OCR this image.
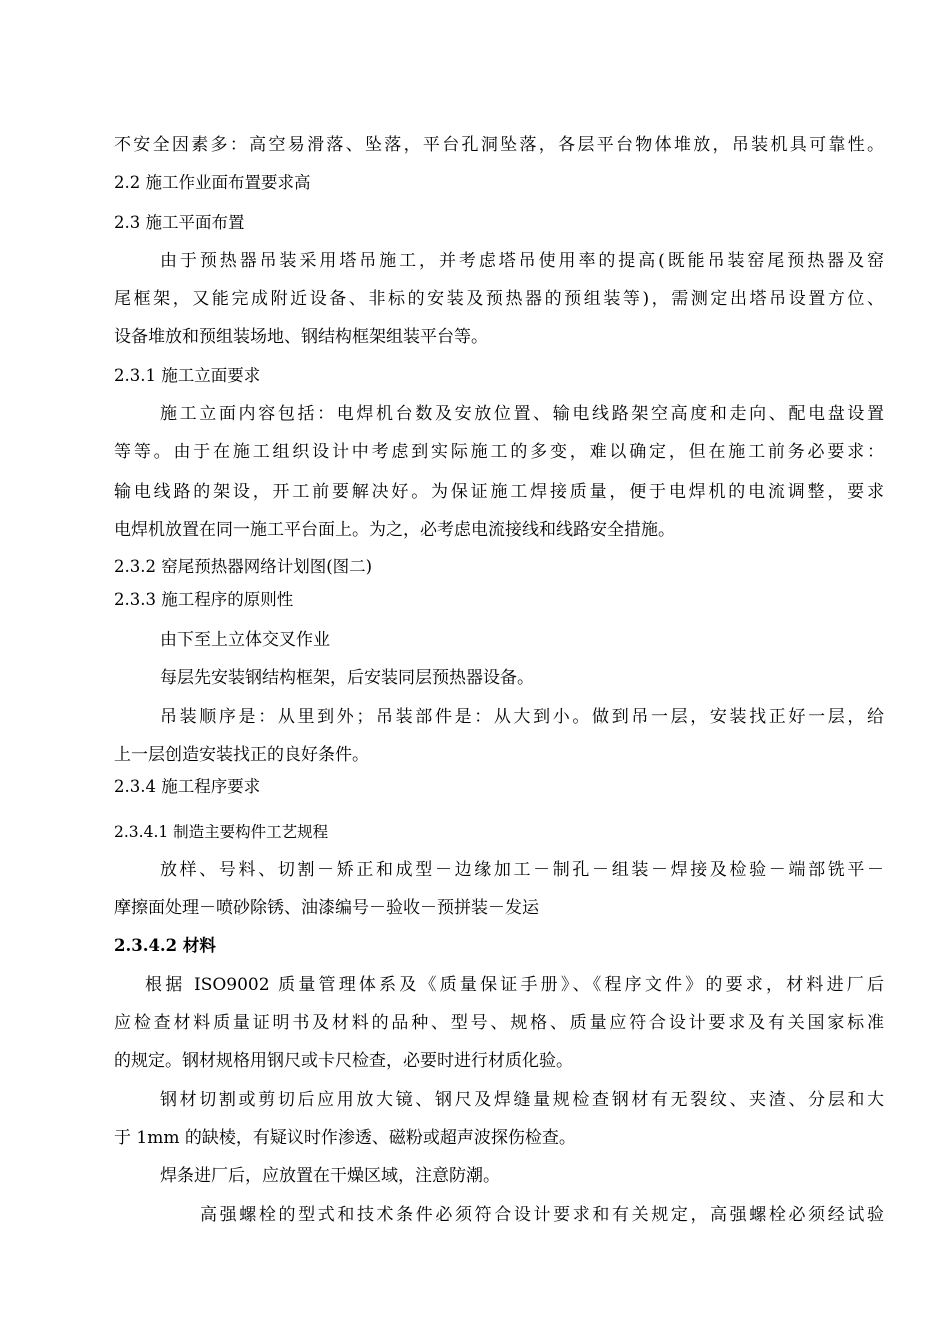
不安全因素多：高空易滑落、坠落，平台孔洞坠落，各层平台物体堆放，吊装机具可靠性。
2.2 施工作业面布置要求高
2.3 施工平面布置
由于预热器吊装采用塔吊施工，并考虑塔吊使用率的提高(既能吊装窑尾预热器及窑
尾框架，又能完成附近设备、非标的安装及预热器的预组装等)，需测定出塔吊设置方位、
设备堆放和预组装场地、钢结构框架组装平台等。
2.3.1 施工立面要求
施工立面内容包括：电焊机台数及安放位置、输电线路架空高度和走向、配电盘设置
等等。由于在施工组织设计中考虑到实际施工的多变，难以确定，但在施工前务必要求：
输电线路的架设，开工前要解决好。为保证施工焊接质量，便于电焊机的电流调整，要求
电焊机放置在同一施工平台面上。为之，必考虑电流接线和线路安全措施。
2.3.2 窑尾预热器网络计划图(图二)
2.3.3 施工程序的原则性
由下至上立体交叉作业
每层先安装钢结构框架，后安装同层预热器设备。
吊装顺序是：从里到外；吊装部件是：从大到小。做到吊一层，安装找正好一层，给
上一层创造安装找正的良好条件。
2.3.4 施工程序要求
2.3.4.1 制造主要构件工艺规程
放样、号料、切割－矫正和成型－边缘加工－制孔－组装－焊接及检验－端部铣平－
摩擦面处理－喷砂除锈、油漆编号－验收－预拼装－发运
2.3.4.2 材料
根据 ISO9002 质量管理体系及《质量保证手册》、《程序文件》的要求，材料进厂后
应检查材料质量证明书及材料的品种、型号、规格、质量应符合设计要求及有关国家标准
的规定。钢材规格用钢尺或卡尺检查，必要时进行材质化验。
钢材切割或剪切后应用放大镜、钢尺及焊缝量规检查钢材有无裂纹、夹渣、分层和大
于 1mm 的缺棱，有疑议时作渗透、磁粉或超声波探伤检查。
焊条进厂后，应放置在干燥区域，注意防潮。
高强螺栓的型式和技术条件必须符合设计要求和有关规定，高强螺栓必须经试验
